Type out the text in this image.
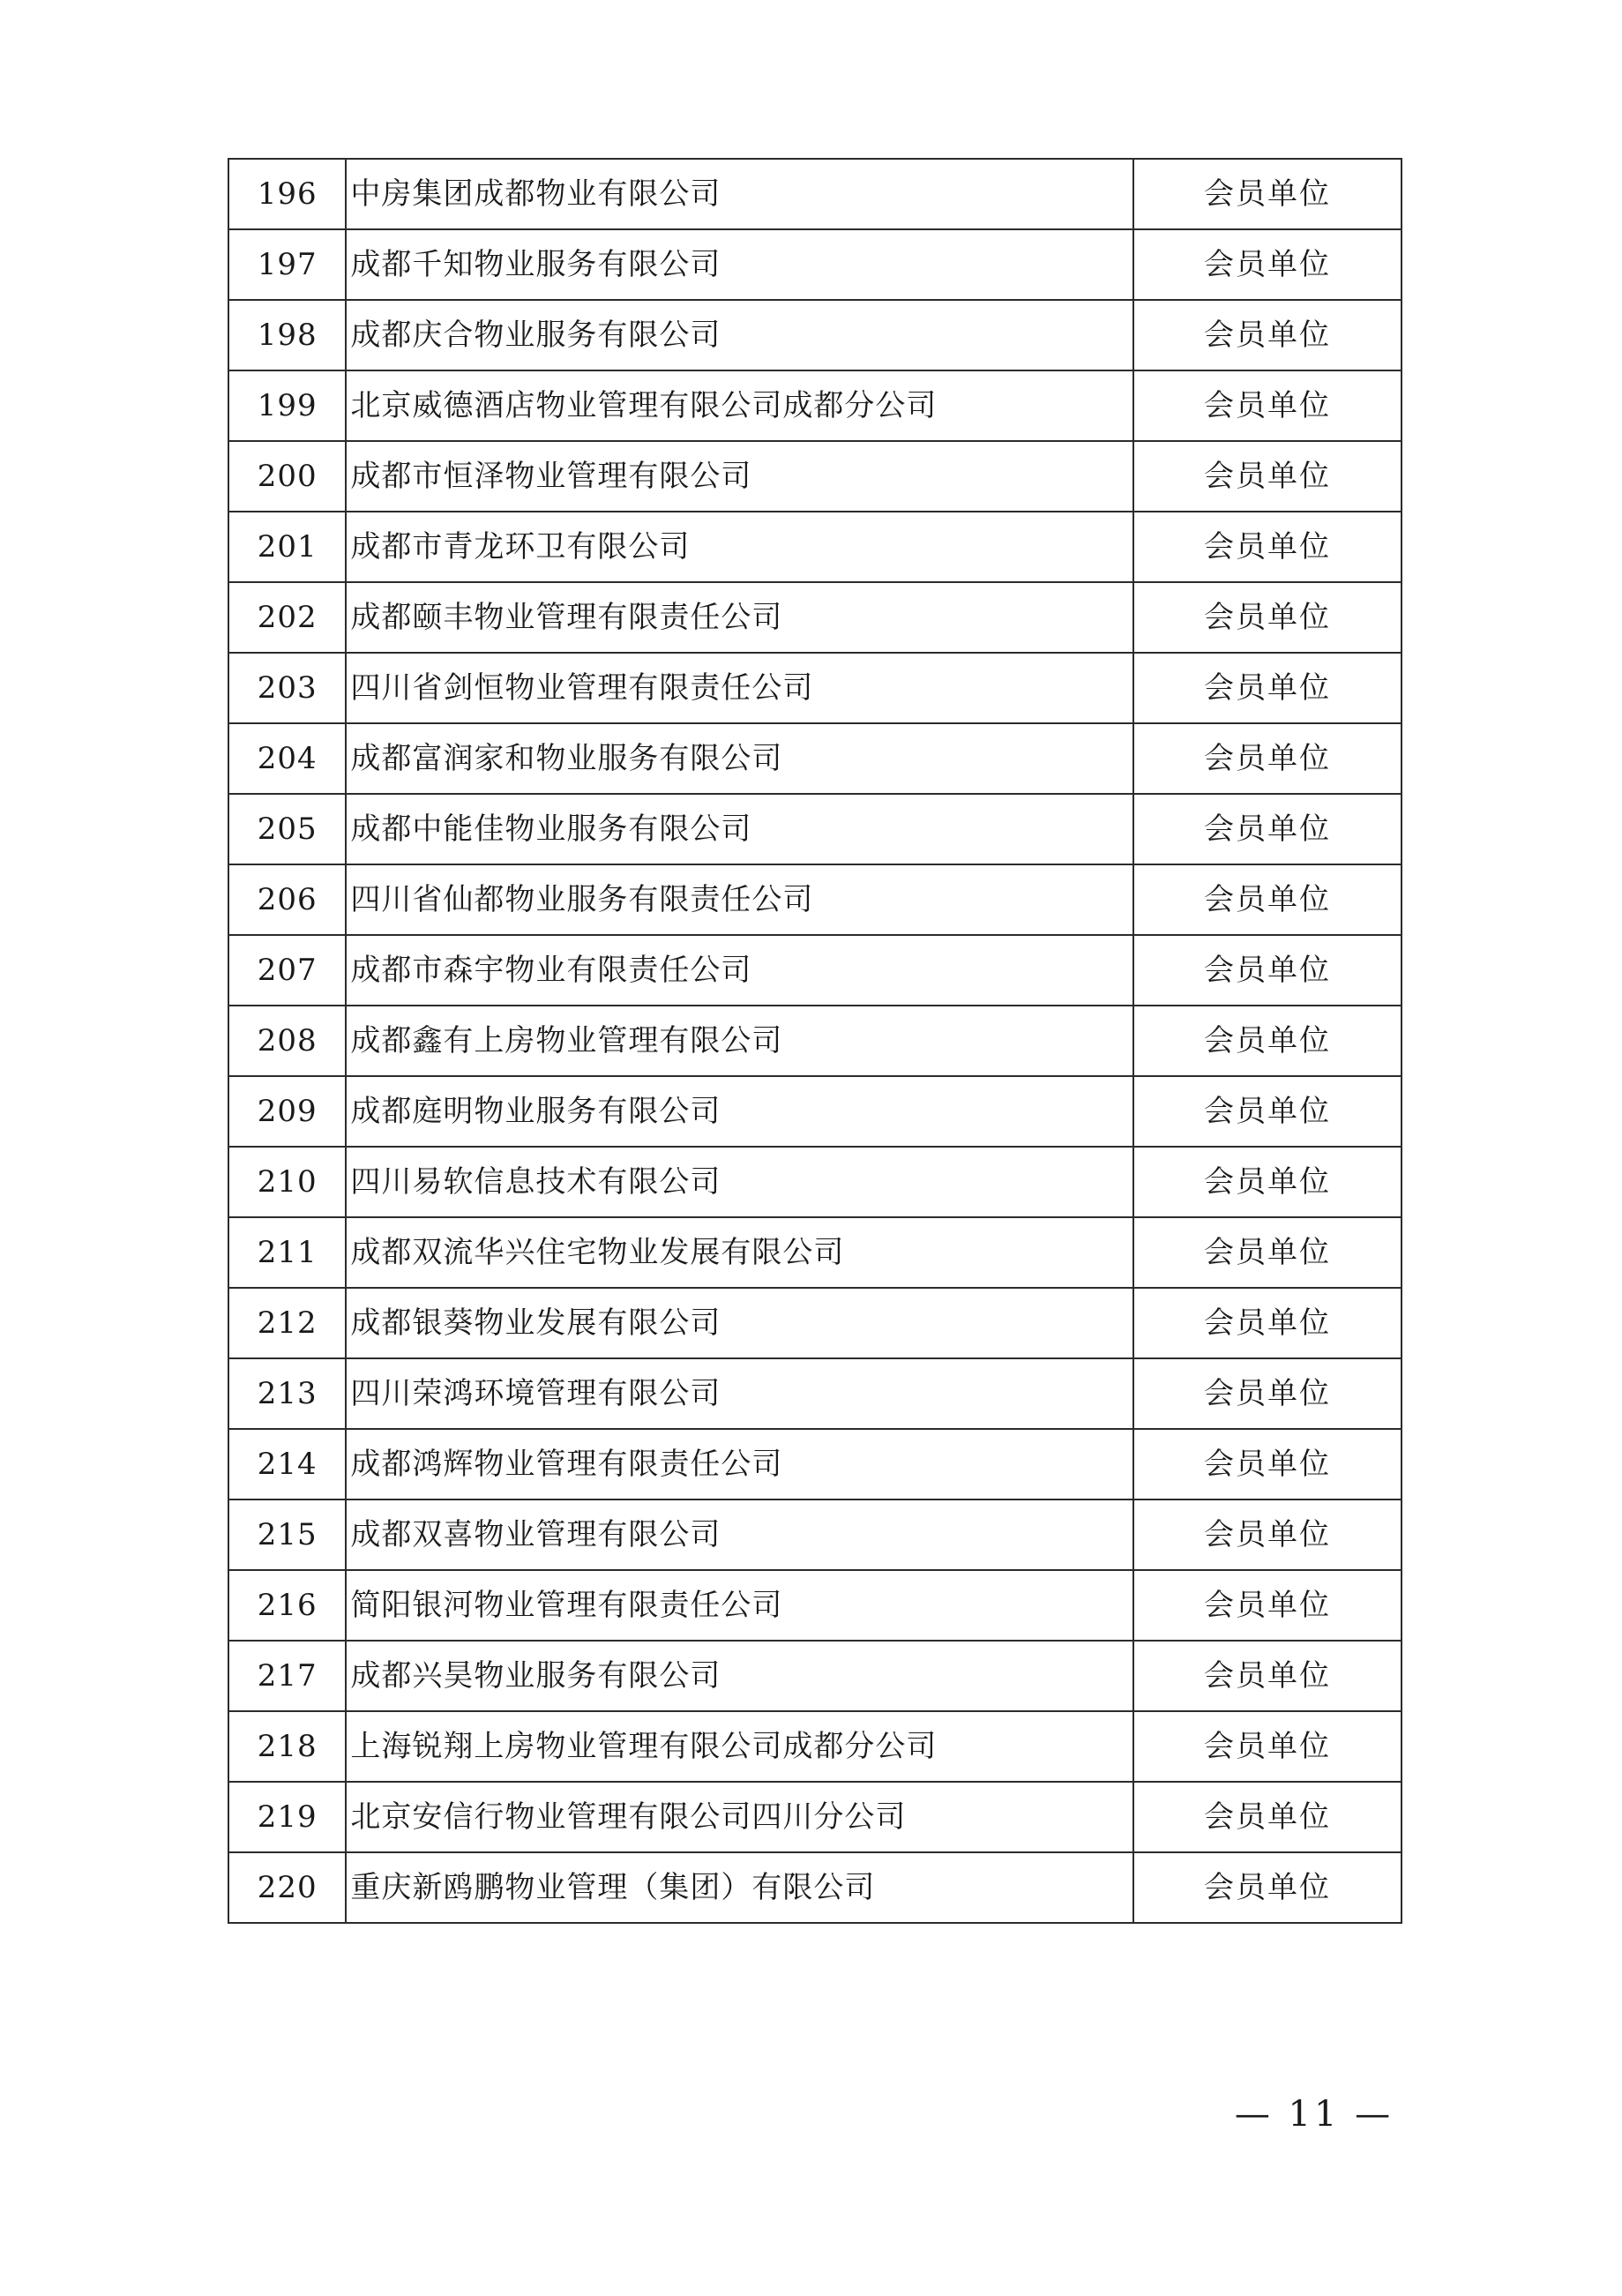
196	中房集团成都物业有限公司	会员单位
197	成都千知物业服务有限公司	会员单位
198	成都庆合物业服务有限公司	会员单位
199	北京威德酒店物业管理有限公司成都分公司	会员单位
200	成都市恒泽物业管理有限公司	会员单位
201	成都市青龙环卫有限公司	会员单位
202	成都颐丰物业管理有限责任公司	会员单位
203	四川省剑恒物业管理有限责任公司	会员单位
204	成都富润家和物业服务有限公司	会员单位
205	成都中能佳物业服务有限公司	会员单位
206	四川省仙都物业服务有限责任公司	会员单位
207	成都市森宇物业有限责任公司	会员单位
208	成都鑫有上房物业管理有限公司	会员单位
209	成都庭明物业服务有限公司	会员单位
210	四川易软信息技术有限公司	会员单位
211	成都双流华兴住宅物业发展有限公司	会员单位
212	成都银葵物业发展有限公司	会员单位
213	四川荣鸿环境管理有限公司	会员单位
214	成都鸿辉物业管理有限责任公司	会员单位
215	成都双喜物业管理有限公司	会员单位
216	简阳银河物业管理有限责任公司	会员单位
217	成都兴昊物业服务有限公司	会员单位
218	上海锐翔上房物业管理有限公司成都分公司	会员单位
219	北京安信行物业管理有限公司四川分公司	会员单位
220	重庆新鸥鹏物业管理（集团）有限公司	会员单位
— 11 —
